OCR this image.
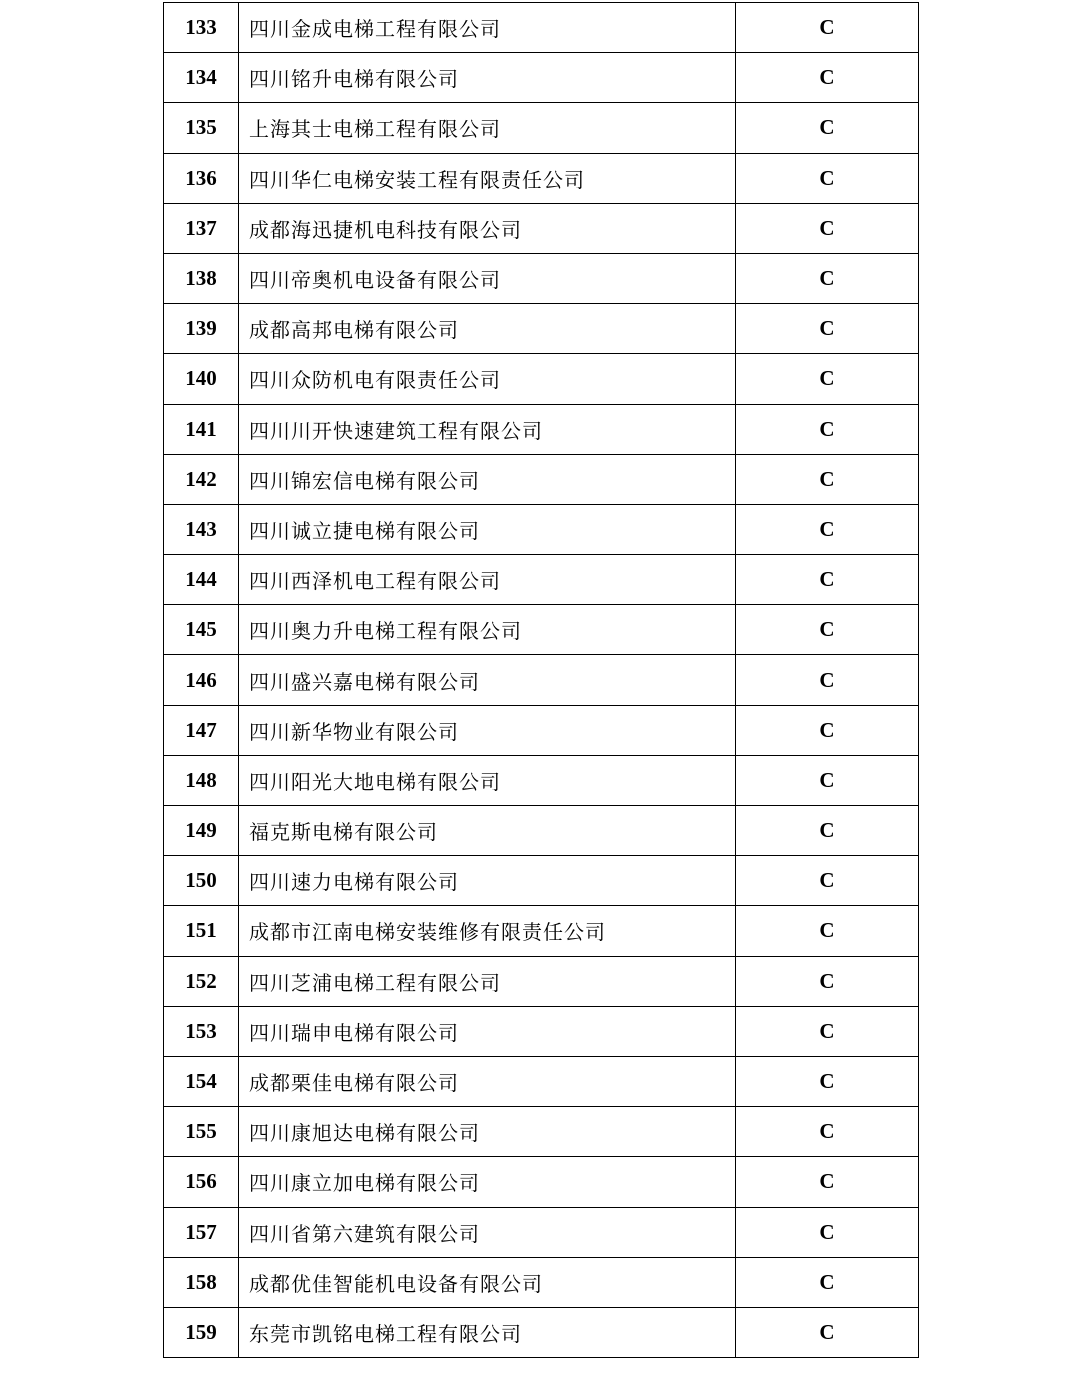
133	四川金成电梯工程有限公司	C
134	四川铭升电梯有限公司	C
135	上海其士电梯工程有限公司	C
136	四川华仁电梯安装工程有限责任公司	C
137	成都海迅捷机电科技有限公司	C
138	四川帝奥机电设备有限公司	C
139	成都高邦电梯有限公司	C
140	四川众防机电有限责任公司	C
141	四川川开快速建筑工程有限公司	C
142	四川锦宏信电梯有限公司	C
143	四川诚立捷电梯有限公司	C
144	四川西泽机电工程有限公司	C
145	四川奥力升电梯工程有限公司	C
146	四川盛兴嘉电梯有限公司	C
147	四川新华物业有限公司	C
148	四川阳光大地电梯有限公司	C
149	福克斯电梯有限公司	C
150	四川速力电梯有限公司	C
151	成都市江南电梯安装维修有限责任公司	C
152	四川芝浦电梯工程有限公司	C
153	四川瑞申电梯有限公司	C
154	成都栗佳电梯有限公司	C
155	四川康旭达电梯有限公司	C
156	四川康立加电梯有限公司	C
157	四川省第六建筑有限公司	C
158	成都优佳智能机电设备有限公司	C
159	东莞市凯铭电梯工程有限公司	C
